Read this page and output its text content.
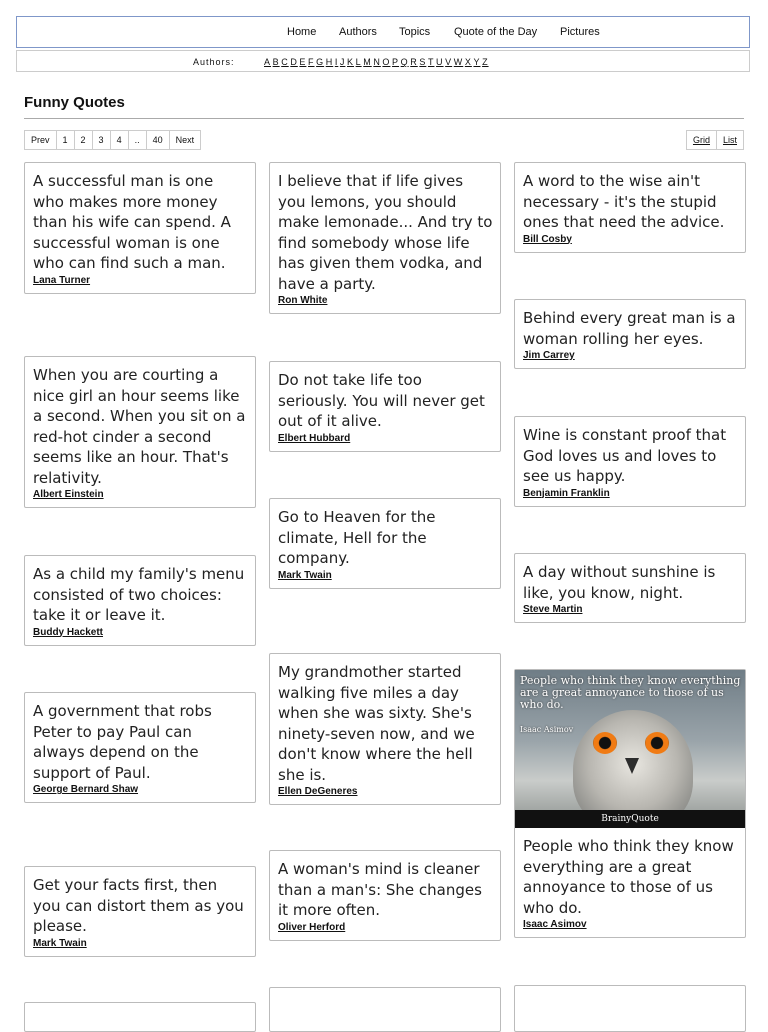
Home Authors Topics Quote of the Day Pictures
Authors:	A B C D E F G H I J K L M N O P Q R S T U V W X Y Z
Funny Quotes
Prev	1	2	3	4	..	40	Next	Grid	List
A successful man is one who makes more money than his wife can spend. A successful woman is one who can find such a man.
Lana Turner
When you are courting a nice girl an hour seems like a second. When you sit on a red-hot cinder a second seems like an hour. That's relativity.
Albert Einstein
As a child my family's menu consisted of two choices: take it or leave it.
Buddy Hackett
A government that robs Peter to pay Paul can always depend on the support of Paul.
George Bernard Shaw
Get your facts first, then you can distort them as you please.
Mark Twain
I believe that if life gives you lemons, you should make lemonade... And try to find somebody whose life has given them vodka, and have a party.
Ron White
Do not take life too seriously. You will never get out of it alive.
Elbert Hubbard
Go to Heaven for the climate, Hell for the company.
Mark Twain
My grandmother started walking five miles a day when she was sixty. She's ninety-seven now, and we don't know where the hell she is.
Ellen DeGeneres
A woman's mind is cleaner than a man's: She changes it more often.
Oliver Herford
A word to the wise ain't necessary - it's the stupid ones that need the advice.
Bill Cosby
Behind every great man is a woman rolling her eyes.
Jim Carrey
Wine is constant proof that God loves us and loves to see us happy.
Benjamin Franklin
A day without sunshine is like, you know, night.
Steve Martin
People who think they know everything are a great annoyance to those of us who do.
Isaac Asimov
BrainyQuote
People who think they know everything are a great annoyance to those of us who do.
Isaac Asimov
